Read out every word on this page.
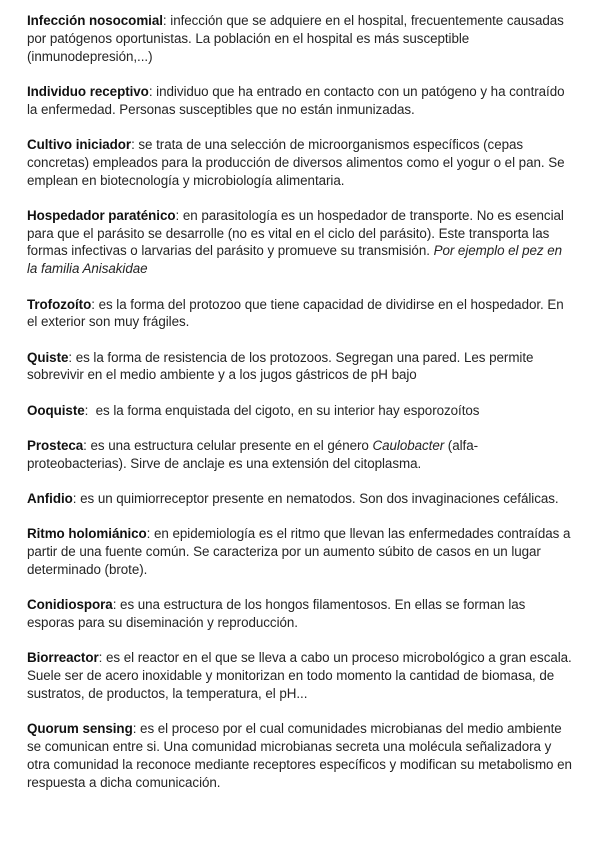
Infección nosocomial: infección que se adquiere en el hospital, frecuentemente causadas por patógenos oportunistas. La población en el hospital es más susceptible (inmunodepresión,...)

Individuo receptivo: individuo que ha entrado en contacto con un patógeno y ha contraído la enfermedad. Personas susceptibles que no están inmunizadas.

Cultivo iniciador: se trata de una selección de microorganismos específicos (cepas concretas) empleados para la producción de diversos alimentos como el yogur o el pan. Se emplean en biotecnología y microbiología alimentaria.

Hospedador paraténico: en parasitología es un hospedador de transporte. No es esencial para que el parásito se desarrolle (no es vital en el ciclo del parásito). Este transporta las formas infectivas o larvarias del parásito y promueve su transmisión. Por ejemplo el pez en la familia Anisakidae

Trofozoíto: es la forma del protozoo que tiene capacidad de dividirse en el hospedador. En el exterior son muy frágiles.

Quiste: es la forma de resistencia de los protozoos. Segregan una pared. Les permite sobrevivir en el medio ambiente y a los jugos gástricos de pH bajo

Ooquiste:  es la forma enquistada del cigoto, en su interior hay esporozoítos

Prosteca: es una estructura celular presente en el género Caulobacter (alfa-proteobacterias). Sirve de anclaje es una extensión del citoplasma.

Anfidio: es un quimiorreceptor presente en nematodos. Son dos invaginaciones cefálicas.

Ritmo holomiánico: en epidemiología es el ritmo que llevan las enfermedades contraídas a partir de una fuente común. Se caracteriza por un aumento súbito de casos en un lugar determinado (brote).

Conidiospora: es una estructura de los hongos filamentosos. En ellas se forman las esporas para su diseminación y reproducción.

Biorreactor: es el reactor en el que se lleva a cabo un proceso microbológico a gran escala. Suele ser de acero inoxidable y monitorizan en todo momento la cantidad de biomasa, de sustratos, de productos, la temperatura, el pH...

Quorum sensing: es el proceso por el cual comunidades microbianas del medio ambiente se comunican entre si. Una comunidad microbianas secreta una molécula señalizadora y otra comunidad la reconoce mediante receptores específicos y modifican su metabolismo en respuesta a dicha comunicación.
